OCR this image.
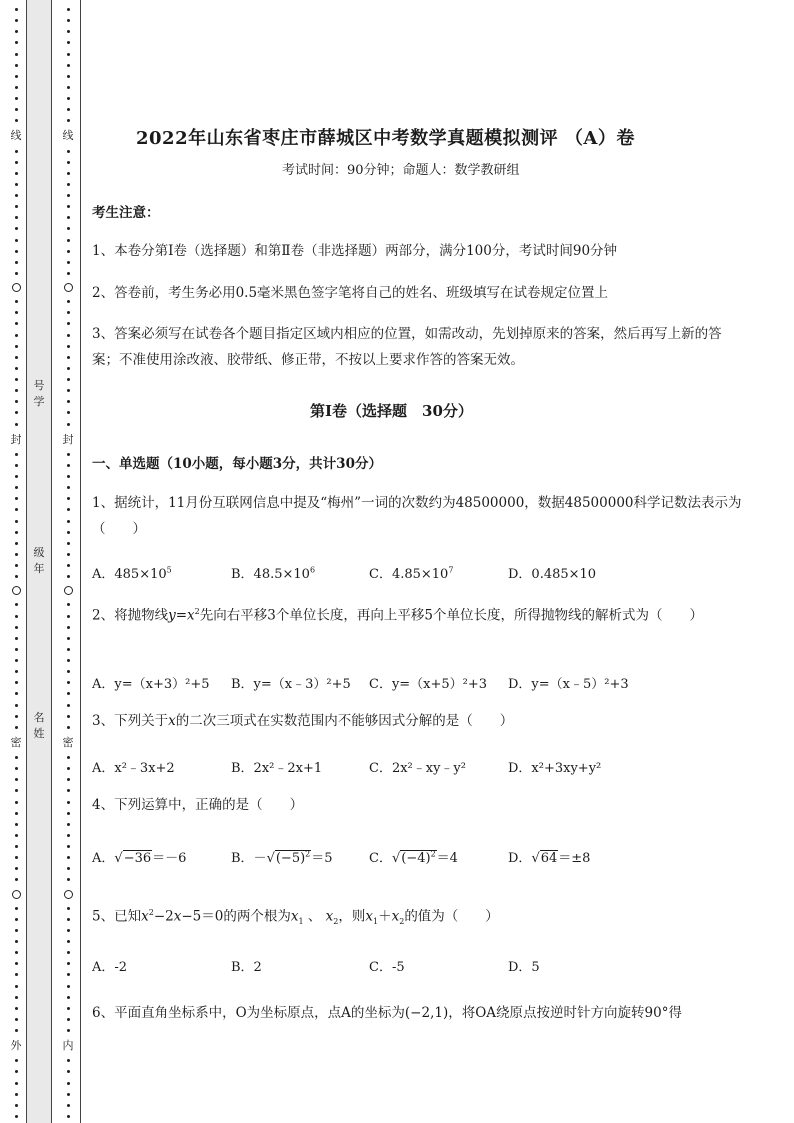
线
封
密
外
号
学
级
年
名
姓
线
封
密
内
2022年山东省枣庄市薛城区中考数学真题模拟测评 （A）卷
考试时间：90分钟；命题人：数学教研组
考生注意：
1、本卷分第Ⅰ卷（选择题）和第Ⅱ卷（非选择题）两部分，满分100分，考试时间90分钟
2、答卷前，考生务必用0.5毫米黑色签字笔将自己的姓名、班级填写在试卷规定位置上
3、答案必须写在试卷各个题目指定区域内相应的位置，如需改动，先划掉原来的答案，然后再写上新的答案；不准使用涂改液、胶带纸、修正带，不按以上要求作答的答案无效。
第Ⅰ卷（选择题　30分）
一、单选题（10小题，每小题3分，共计30分）
1、据统计，11月份互联网信息中提及“梅州”一词的次数约为48500000，数据48500000科学记数法表示为（　　）
A．$485\times 10^5$	B．$48.5\times 10^6$	C．$4.85\times 10^7$	D．0.485×10
2、将抛物线$y=x^2$先向右平移3个单位长度，再向上平移5个单位长度，所得抛物线的解析式为（　　）
A．y=（x+3）²+5 B．y=（x﹣3）²+5 C．y=（x+5）²+3 D．y=（x﹣5）²+3
3、下列关于x的二次三项式在实数范围内不能够因式分解的是（　　）
A．x²﹣3x+2	B．2x²﹣2x+1	C．2x²﹣xy﹣y²	D．x²+3xy+y²
4、下列运算中，正确的是（　　）
A．√−36＝－6	B．$-√(-5)^2=5$	C．$√(-4)^2=4$	D．√64＝±8
5、已知$x^2-2x-5=0$的两个根为$x_1$ 、 $x_2$，则$x_1+x_2$的值为（　　）
A．-2	B．2	C．-5	D．5
6、平面直角坐标系中，O为坐标原点，点A的坐标为(−2,1)，将OA绕原点按逆时针方向旋转90°得
